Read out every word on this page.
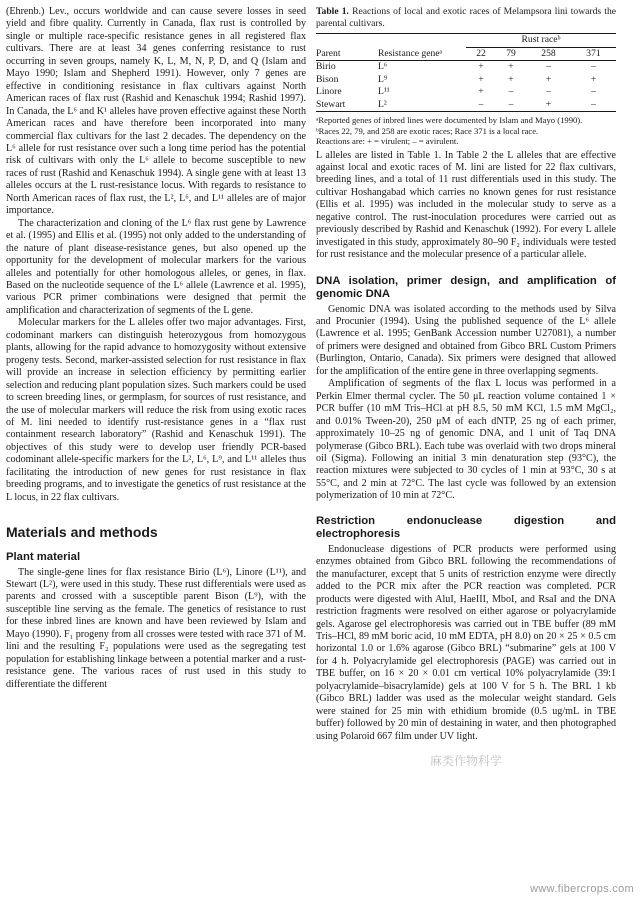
(Ehrenb.) Lev., occurs worldwide and can cause severe losses in seed yield and fibre quality. Currently in Canada, flax rust is controlled by single or multiple race-specific resistance genes in all registered flax cultivars. There are at least 34 genes conferring resistance to rust occurring in seven groups, namely K, L, M, N, P, D, and Q (Islam and Mayo 1990; Islam and Shepherd 1991). However, only 7 genes are effective in conditioning resistance in flax cultivars against North American races of flax rust (Rashid and Kenaschuk 1994; Rashid 1997). In Canada, the L⁶ and K¹ alleles have proven effective against these North American races and have therefore been incorporated into many commercial flax cultivars for the last 2 decades. The dependency on the L⁶ allele for rust resistance over such a long time period has the potential risk of cultivars with only the L⁶ allele to become susceptible to new races of rust (Rashid and Kenaschuk 1994). A single gene with at least 13 alleles occurs at the L rust-resistance locus. With regards to resistance to North American races of flax rust, the L², L⁶, and L¹¹ alleles are of major importance.

The characterization and cloning of the L⁶ flax rust gene by Lawrence et al. (1995) and Ellis et al. (1995) not only added to the understanding of the nature of plant disease-resistance genes, but also opened up the opportunity for the development of molecular markers for the various alleles and potentially for other homologous alleles, or genes, in flax. Based on the nucleotide sequence of the L⁶ allele (Lawrence et al. 1995), various PCR primer combinations were designed that permit the amplification and characterization of segments of the L gene.

Molecular markers for the L alleles offer two major advantages. First, codominant markers can distinguish heterozygous from homozygous plants, allowing for the rapid advance to homozygosity without extensive progeny tests. Second, marker-assisted selection for rust resistance in flax will provide an increase in selection efficiency by permitting earlier selection and reducing plant population sizes. Such markers could be used to screen breeding lines, or germplasm, for sources of rust resistance, and the use of molecular markers will reduce the risk from using exotic races of M. lini needed to identify rust-resistance genes in a “flax rust containment research laboratory” (Rashid and Kenaschuk 1991). The objectives of this study were to develop user friendly PCR-based codominant allele-specific markers for the L², L⁶, L⁹, and L¹¹ alleles thus facilitating the introduction of new genes for rust resistance in flax breeding programs, and to investigate the genetics of rust resistance at the L locus, in 22 flax cultivars.

Materials and methods
Plant material

The single-gene lines for flax resistance Birio (L⁶), Linore (L¹¹), and Stewart (L²), were used in this study. These rust differentials were used as parents and crossed with a susceptible parent Bison (L⁹), with the susceptible line serving as the female. The genetics of resistance to rust for these inbred lines are known and have been reviewed by Islam and Mayo (1990). F₁ progeny from all crosses were tested with race 371 of M. lini and the resulting F₂ populations were used as the segregating test population for establishing linkage between a potential marker and a rust-resistance gene. The various races of rust used in this study to differentiate the different

Table 1. Reactions of local and exotic races of Melampsora lini towards the parental cultivars.
		Rust raceᵇ			
Parent	Resistance geneᵃ	22	79	258	371
Birio	L⁶	+	+	–	–
Bison	L⁹	+	+	+	+
Linore	L¹¹	+	–	–	–
Stewart	L²	–	–	+	–
ᵃReported genes of inbred lines were documented by Islam and Mayo (1990).
ᵇRaces 22, 79, and 258 are exotic races; Race 371 is a local race.
Reactions are: + = virulent; – = avirulent.

L alleles are listed in Table 1. In Table 2 the L alleles that are effective against local and exotic races of M. lini are listed for 22 flax cultivars, breeding lines, and a total of 11 rust differentials used in this study. The cultivar Hoshangabad which carries no known genes for rust resistance (Ellis et al. 1995) was included in the molecular study to serve as a negative control. The rust-inoculation procedures were carried out as previously described by Rashid and Kenaschuk (1992). For every L allele investigated in this study, approximately 80–90 F₂ individuals were tested for rust resistance and the molecular presence of a particular allele.

DNA isolation, primer design, and amplification of genomic DNA

Genomic DNA was isolated according to the methods used by Silva and Procunier (1994). Using the published sequence of the L⁶ allele (Lawrence et al. 1995; GenBank Accession number U27081), a number of primers were designed and obtained from Gibco BRL Custom Primers (Burlington, Ontario, Canada). Six primers were designed that allowed for the amplification of the entire gene in three overlapping segments.

Amplification of segments of the flax L locus was performed in a Perkin Elmer thermal cycler. The 50 μL reaction volume contained 1 × PCR buffer (10 mM Tris–HCl at pH 8.5, 50 mM KCl, 1.5 mM MgCl₂, and 0.01% Tween-20), 250 μM of each dNTP, 25 ng of each primer, approximately 10–25 ng of genomic DNA, and 1 unit of Taq DNA polymerase (Gibco BRL). Each tube was overlaid with two drops mineral oil (Sigma). Following an initial 3 min denaturation step (93°C), the reaction mixtures were subjected to 30 cycles of 1 min at 93°C, 30 s at 55°C, and 2 min at 72°C. The last cycle was followed by an extension polymerization of 10 min at 72°C.

Restriction endonuclease digestion and electrophoresis

Endonuclease digestions of PCR products were performed using enzymes obtained from Gibco BRL following the recommendations of the manufacturer, except that 5 units of restriction enzyme were directly added to the PCR mix after the PCR reaction was completed. PCR products were digested with AluI, HaeIII, MboI, and RsaI and the DNA restriction fragments were resolved on either agarose or polyacrylamide gels. Agarose gel electrophoresis was carried out in TBE buffer (89 mM Tris–HCl, 89 mM boric acid, 10 mM EDTA, pH 8.0) on 20 × 25 × 0.5 cm horizontal 1.0 or 1.6% agarose (Gibco BRL) “submarine” gels at 100 V for 4 h. Polyacrylamide gel electrophoresis (PAGE) was carried out in TBE buffer, on 16 × 20 × 0.01 cm vertical 10% polyacrylamide (39:1 polyacrylamide–bisacrylamide) gels at 100 V for 5 h. The BRL 1 kb (Gibco BRL) ladder was used as the molecular weight standard. Gels were stained for 25 min with ethidium bromide (0.5 ug/mL in TBE buffer) followed by 20 min of destaining in water, and then photographed using Polaroid 667 film under UV light.

麻类作物科学
www.fibercrops.com
